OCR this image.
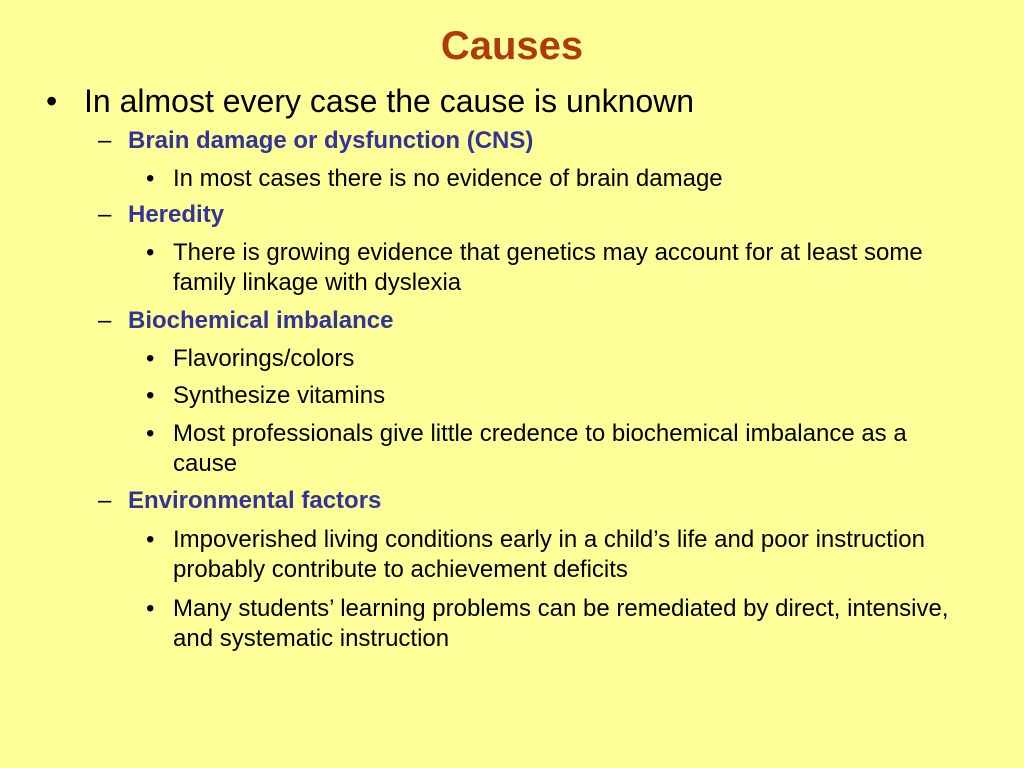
Causes
• In almost every case the cause is unknown
– Brain damage or dysfunction (CNS)
• In most cases there is no evidence of brain damage
– Heredity
• There is growing evidence that genetics may account for at least some family linkage with dyslexia
– Biochemical imbalance
• Flavorings/colors
• Synthesize vitamins
• Most professionals give little credence to biochemical imbalance as a cause
– Environmental factors
• Impoverished living conditions early in a child’s life and poor instruction probably contribute to achievement deficits
• Many students’ learning problems can be remediated by direct, intensive, and systematic instruction
